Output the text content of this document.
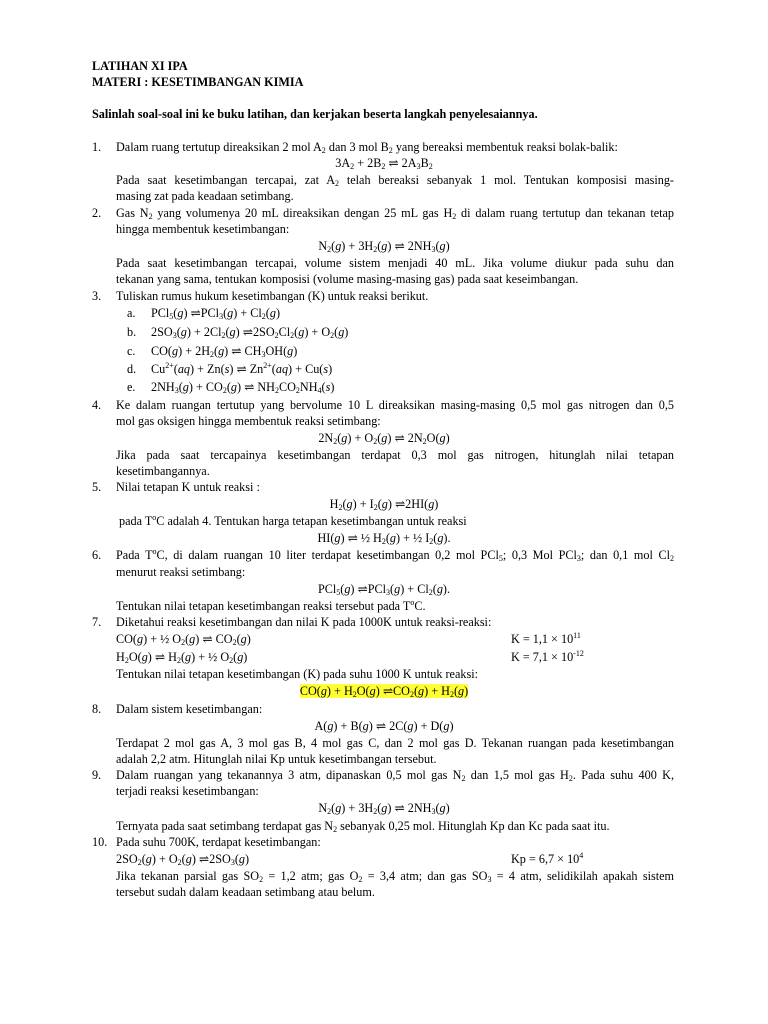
LATIHAN XI IPA
MATERI : KESETIMBANGAN KIMIA
Salinlah soal-soal ini ke buku latihan, dan kerjakan beserta langkah penyelesaiannya.
1. Dalam ruang tertutup direaksikan 2 mol $A_2$ dan 3 mol $B_2$ yang bereaksi membentuk reaksi bolak-balik:
$3A_2 + 2B_2$ ⇌ $2A_3B_2$
Pada saat kesetimbangan tercapai, zat $A_2$ telah bereaksi sebanyak 1 mol. Tentukan komposisi masing-
masing zat pada keadaan setimbang.
2. Gas $N_2$ yang volumenya 20 mL direaksikan dengan 25 mL gas $H_2$ di dalam ruang tertutup dan tekanan tetap
hingga membentuk kesetimbangan:
$N_2(g) + 3H_2(g)$ ⇌ $2NH_3(g)$
Pada saat kesetimbangan tercapai, volume sistem menjadi 40 mL. Jika volume diukur pada suhu dan
tekanan yang sama, tentukan komposisi (volume masing-masing gas) pada saat keseimbangan.
3. Tuliskan rumus hukum kesetimbangan (K) untuk reaksi berikut.
a. PCl$_5$(g) ⇌PCl$_3$(g) + $Cl_2(g)$
b. $2SO_3(g) + 2Cl_2(g)$ $\rightleftharpoons 2SO_2Cl_2(g) + O_2(g)$
c. $CO(g) + 2H_2(g)$ ⇌ $CH_3OH(g)$
d. $Cu^{2+}(aq) + Zn(s)$ ⇌ $Zn^{2+}(aq) + Cu(s)$
e. $2NH_3(g) + CO_2(g)$ ⇌ $NH_2CO_2NH_4(s)$
4. Ke dalam ruangan tertutup yang bervolume 10 L direaksikan masing-masing 0,5 mol gas nitrogen dan 0,5
mol gas oksigen hingga membentuk reaksi setimbang:
$2N_2(g) + O_2(g)$ ⇌ $2N_2O(g)$
Jika pada saat tercapainya kesetimbangan terdapat 0,3 mol gas nitrogen, hitunglah nilai tetapan
kesetimbangannya.
5. Nilai tetapan K untuk reaksi :
$H_2(g) + I_2(g)$ ⇌2HI(g)
pada $T^oC$ adalah 4. Tentukan harga tetapan kesetimbangan untuk reaksi
HI(g) ⇌ ½ $H_2(g)$ + ½ $I_2(g)$.
6. Pada $T^oC$, di dalam ruangan 10 liter terdapat kesetimbangan 0,2 mol PCl$_5$; 0,3 Mol PCl$_3$; dan 0,1 mol $Cl_2$
menurut reaksi setimbang:
PCl$_5$(g) ⇌PCl$_3$(g) + $Cl_2(g)$.
Tentukan nilai tetapan kesetimbangan reaksi tersebut pada $T^oC$.
7. Diketahui reaksi kesetimbangan dan nilai K pada 1000K untuk reaksi-reaksi:
CO(g) + ½ $O_2(g)$ ⇌ $CO_2(g)$	$K = 1,1 \times 10^{11}$
$H_2O(g)$ ⇌ $H_2(g)$ + ½ $O_2(g)$	$K = 7,1 \times 10^{-12}$
Tentukan nilai tetapan kesetimbangan (K) pada suhu 1000 K untuk reaksi:
$CO(g) + H_2O(g)$ $\rightleftharpoons CO_2(g) + H_2(g)$
8. Dalam sistem kesetimbangan:
A(g) + B(g) ⇌ 2C(g) + D(g)
Terdapat 2 mol gas A, 3 mol gas B, 4 mol gas C, dan 2 mol gas D. Tekanan ruangan pada kesetimbangan
adalah 2,2 atm. Hitunglah nilai Kp untuk kesetimbangan tersebut.
9. Dalam ruangan yang tekanannya 3 atm, dipanaskan 0,5 mol gas $N_2$ dan 1,5 mol gas $H_2$. Pada suhu 400 K,
terjadi reaksi kesetimbangan:
$N_2(g) + 3H_2(g)$ ⇌ $2NH_3(g)$
Ternyata pada saat setimbang terdapat gas $N_2$ sebanyak 0,25 mol. Hitunglah Kp dan Kc pada saat itu.
10. Pada suhu 700K, terdapat kesetimbangan:
$2SO_2(g) + O_2(g)$ $\rightleftharpoons 2SO_3(g)$	$Kp = 6,7 \times 10^4$
Jika tekanan parsial gas $SO_2 = 1,2$ atm; gas $O_2 = 3,4$ atm; dan gas $SO_3 = 4$ atm, selidikilah apakah sistem
tersebut sudah dalam keadaan setimbang atau belum.
